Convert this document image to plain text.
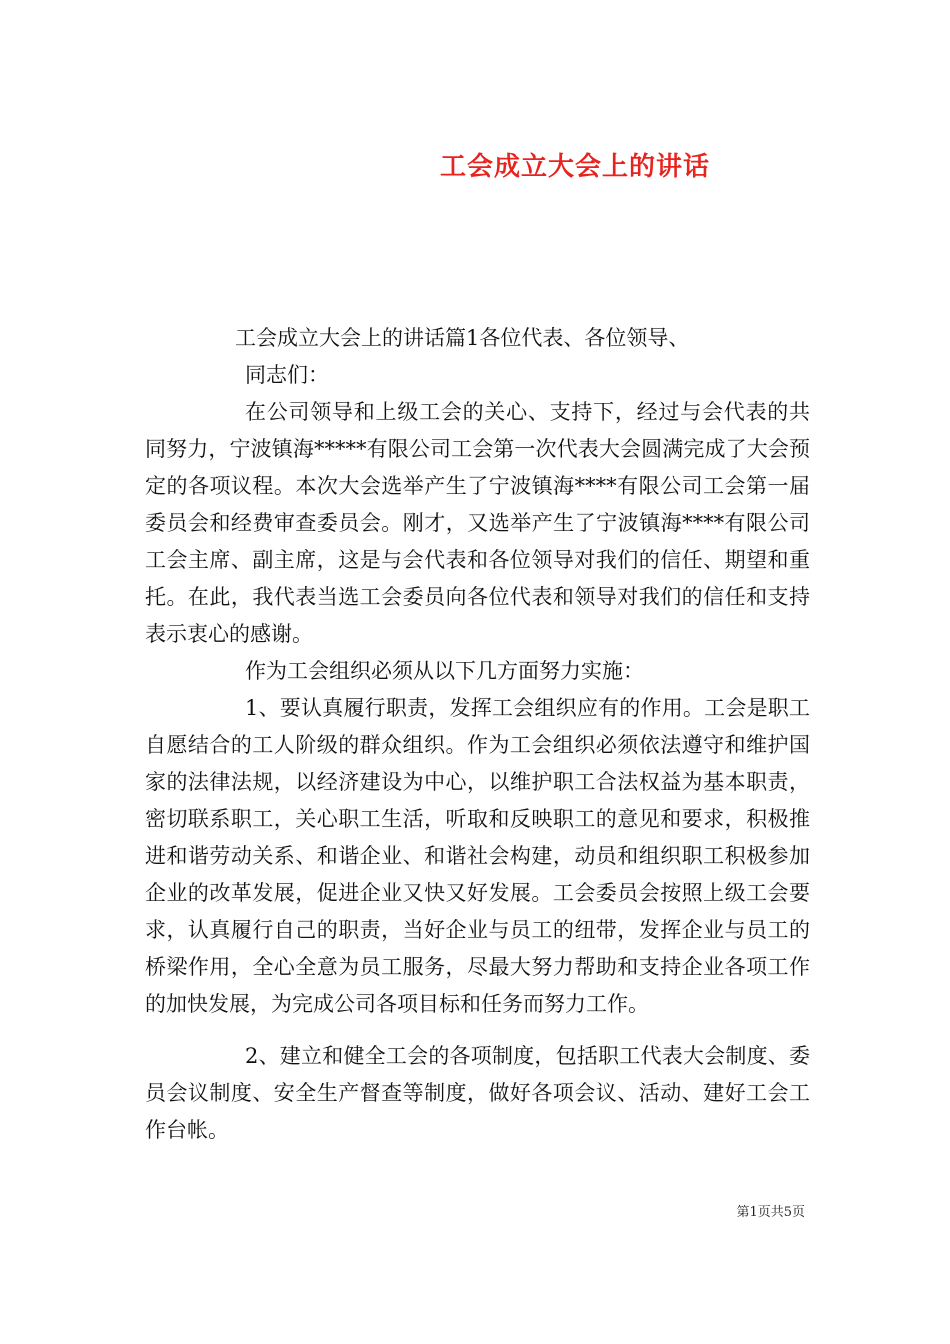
工会成立大会上的讲话

工会成立大会上的讲话篇1各位代表、各位领导、

同志们：

在公司领导和上级工会的关心、支持下，经过与会代表的共同努力，宁波镇海*****有限公司工会第一次代表大会圆满完成了大会预定的各项议程。本次大会选举产生了宁波镇海****有限公司工会第一届委员会和经费审查委员会。刚才，又选举产生了宁波镇海****有限公司工会主席、副主席，这是与会代表和各位领导对我们的信任、期望和重托。在此，我代表当选工会委员向各位代表和领导对我们的信任和支持表示衷心的感谢。

作为工会组织必须从以下几方面努力实施：

1、要认真履行职责，发挥工会组织应有的作用。工会是职工自愿结合的工人阶级的群众组织。作为工会组织必须依法遵守和维护国家的法律法规，以经济建设为中心，以维护职工合法权益为基本职责，密切联系职工，关心职工生活，听取和反映职工的意见和要求，积极推进和谐劳动关系、和谐企业、和谐社会构建，动员和组织职工积极参加企业的改革发展，促进企业又快又好发展。工会委员会按照上级工会要求，认真履行自己的职责，当好企业与员工的纽带，发挥企业与员工的桥梁作用，全心全意为员工服务，尽最大努力帮助和支持企业各项工作的加快发展，为完成公司各项目标和任务而努力工作。

2、建立和健全工会的各项制度，包括职工代表大会制度、委员会议制度、安全生产督查等制度，做好各项会议、活动、建好工会工作台帐。

第1页共5页
